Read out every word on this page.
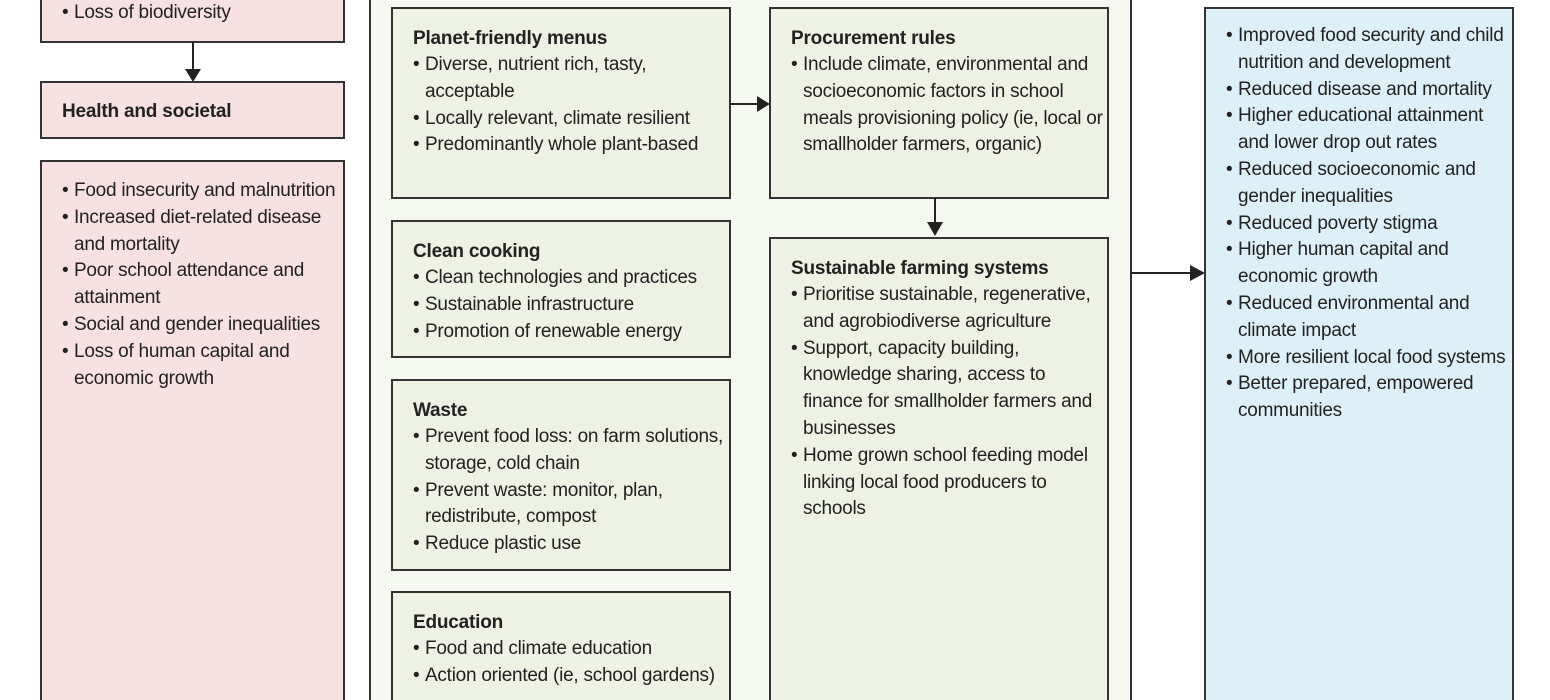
• Loss of biodiversity
Health and societal
• Food insecurity and malnutrition
• Increased diet-related disease and mortality
• Poor school attendance and attainment
• Social and gender inequalities
• Loss of human capital and economic growth
Planet-friendly menus
• Diverse, nutrient rich, tasty, acceptable
• Locally relevant, climate resilient
• Predominantly whole plant-based
Clean cooking
• Clean technologies and practices
• Sustainable infrastructure
• Promotion of renewable energy
Waste
• Prevent food loss: on farm solutions, storage, cold chain
• Prevent waste: monitor, plan, redistribute, compost
• Reduce plastic use
Education
• Food and climate education
• Action oriented (ie, school gardens)
Procurement rules
• Include climate, environmental and socioeconomic factors in school meals provisioning policy (ie, local or smallholder farmers, organic)
Sustainable farming systems
• Prioritise sustainable, regenerative, and agrobiodiverse agriculture
• Support, capacity building, knowledge sharing, access to finance for smallholder farmers and businesses
• Home grown school feeding model linking local food producers to schools
• Improved food security and child nutrition and development
• Reduced disease and mortality
• Higher educational attainment and lower drop out rates
• Reduced socioeconomic and gender inequalities
• Reduced poverty stigma
• Higher human capital and economic growth
• Reduced environmental and climate impact
• More resilient local food systems
• Better prepared, empowered communities
